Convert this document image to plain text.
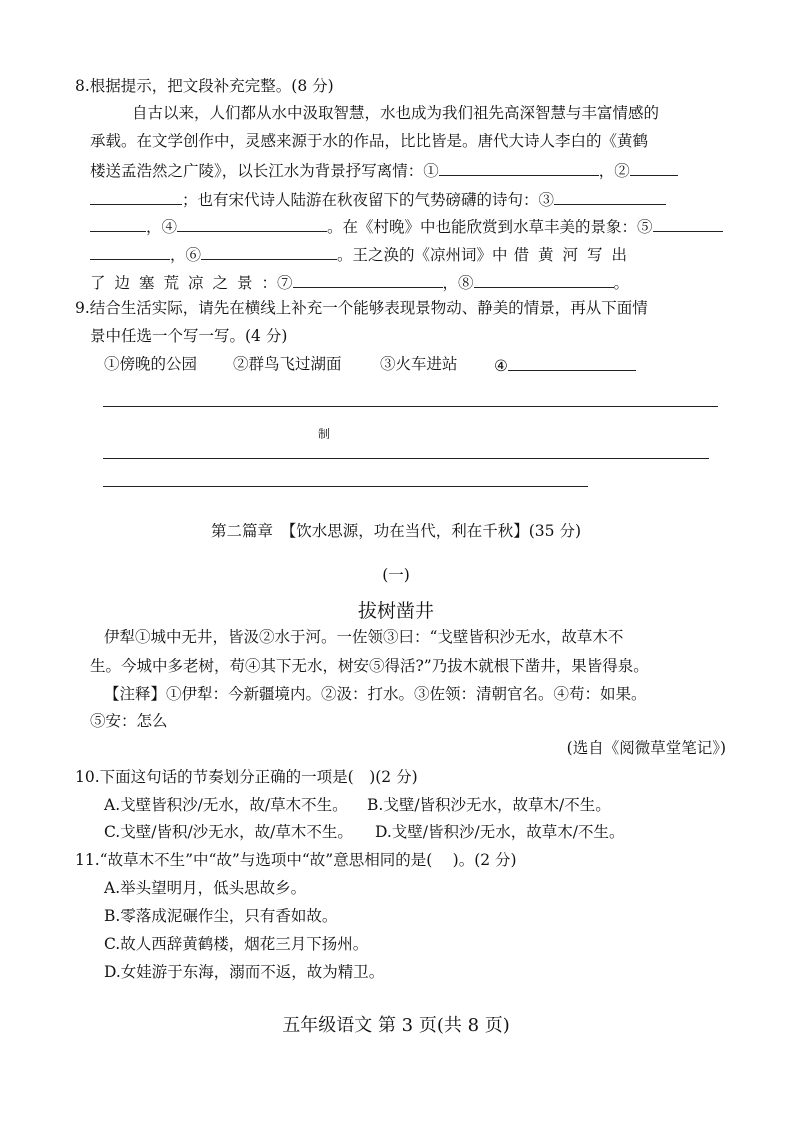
8.根据提示，把文段补充完整。(8 分)
自古以来，人们都从水中汲取智慧，水也成为我们祖先高深智慧与丰富情感的
承载。在文学创作中，灵感来源于水的作品，比比皆是。唐代大诗人李白的《黄鹤
楼送孟浩然之广陵》，以长江水为背景抒写离情：①	，②
；也有宋代诗人陆游在秋夜留下的气势磅礴的诗句：③
，④	。在《村晚》中也能欣赏到水草丰美的景象：⑤
，⑥	。王之涣的《凉州词》中 借黄河写出
了边塞荒凉之景：⑦	，⑧	。
9.结合生活实际，请先在横线上补充一个能够表现景物动、静美的情景，再从下面情
景中任选一个写一写。(4 分)
①傍晚的公园 ②群鸟飞过湖面 ③火车进站 ④
制
第二篇章　【饮水思源，功在当代，利在千秋】(35 分)
(一)
拔树凿井
伊犁①城中无井，皆汲②水于河。一佐领③曰：“戈壁皆积沙无水，故草木不
生。今城中多老树，苟④其下无水，树安⑤得活?”乃拔木就根下凿井，果皆得泉。
【注释】①伊犁：今新疆境内。②汲：打水。③佐领：清朝官名。④苟：如果。
⑤安：怎么
(选自《阅微草堂笔记》)
10.下面这句话的节奏划分正确的一项是(　)(2 分)
A.戈壁皆积沙/无水，故/草木不生。 B.戈壁/皆积沙无水，故草木/不生。
C.戈壁/皆积/沙无水，故/草木不生。 D.戈壁/皆积沙/无水，故草木/不生。
11.“故草木不生”中“故”与选项中“故”意思相同的是(　 )。(2 分)
A.举头望明月，低头思故乡。
B.零落成泥碾作尘，只有香如故。
C.故人西辞黄鹤楼，烟花三月下扬州。
D.女娃游于东海，溺而不返，故为精卫。
五年级语文 第 3 页(共 8 页)
